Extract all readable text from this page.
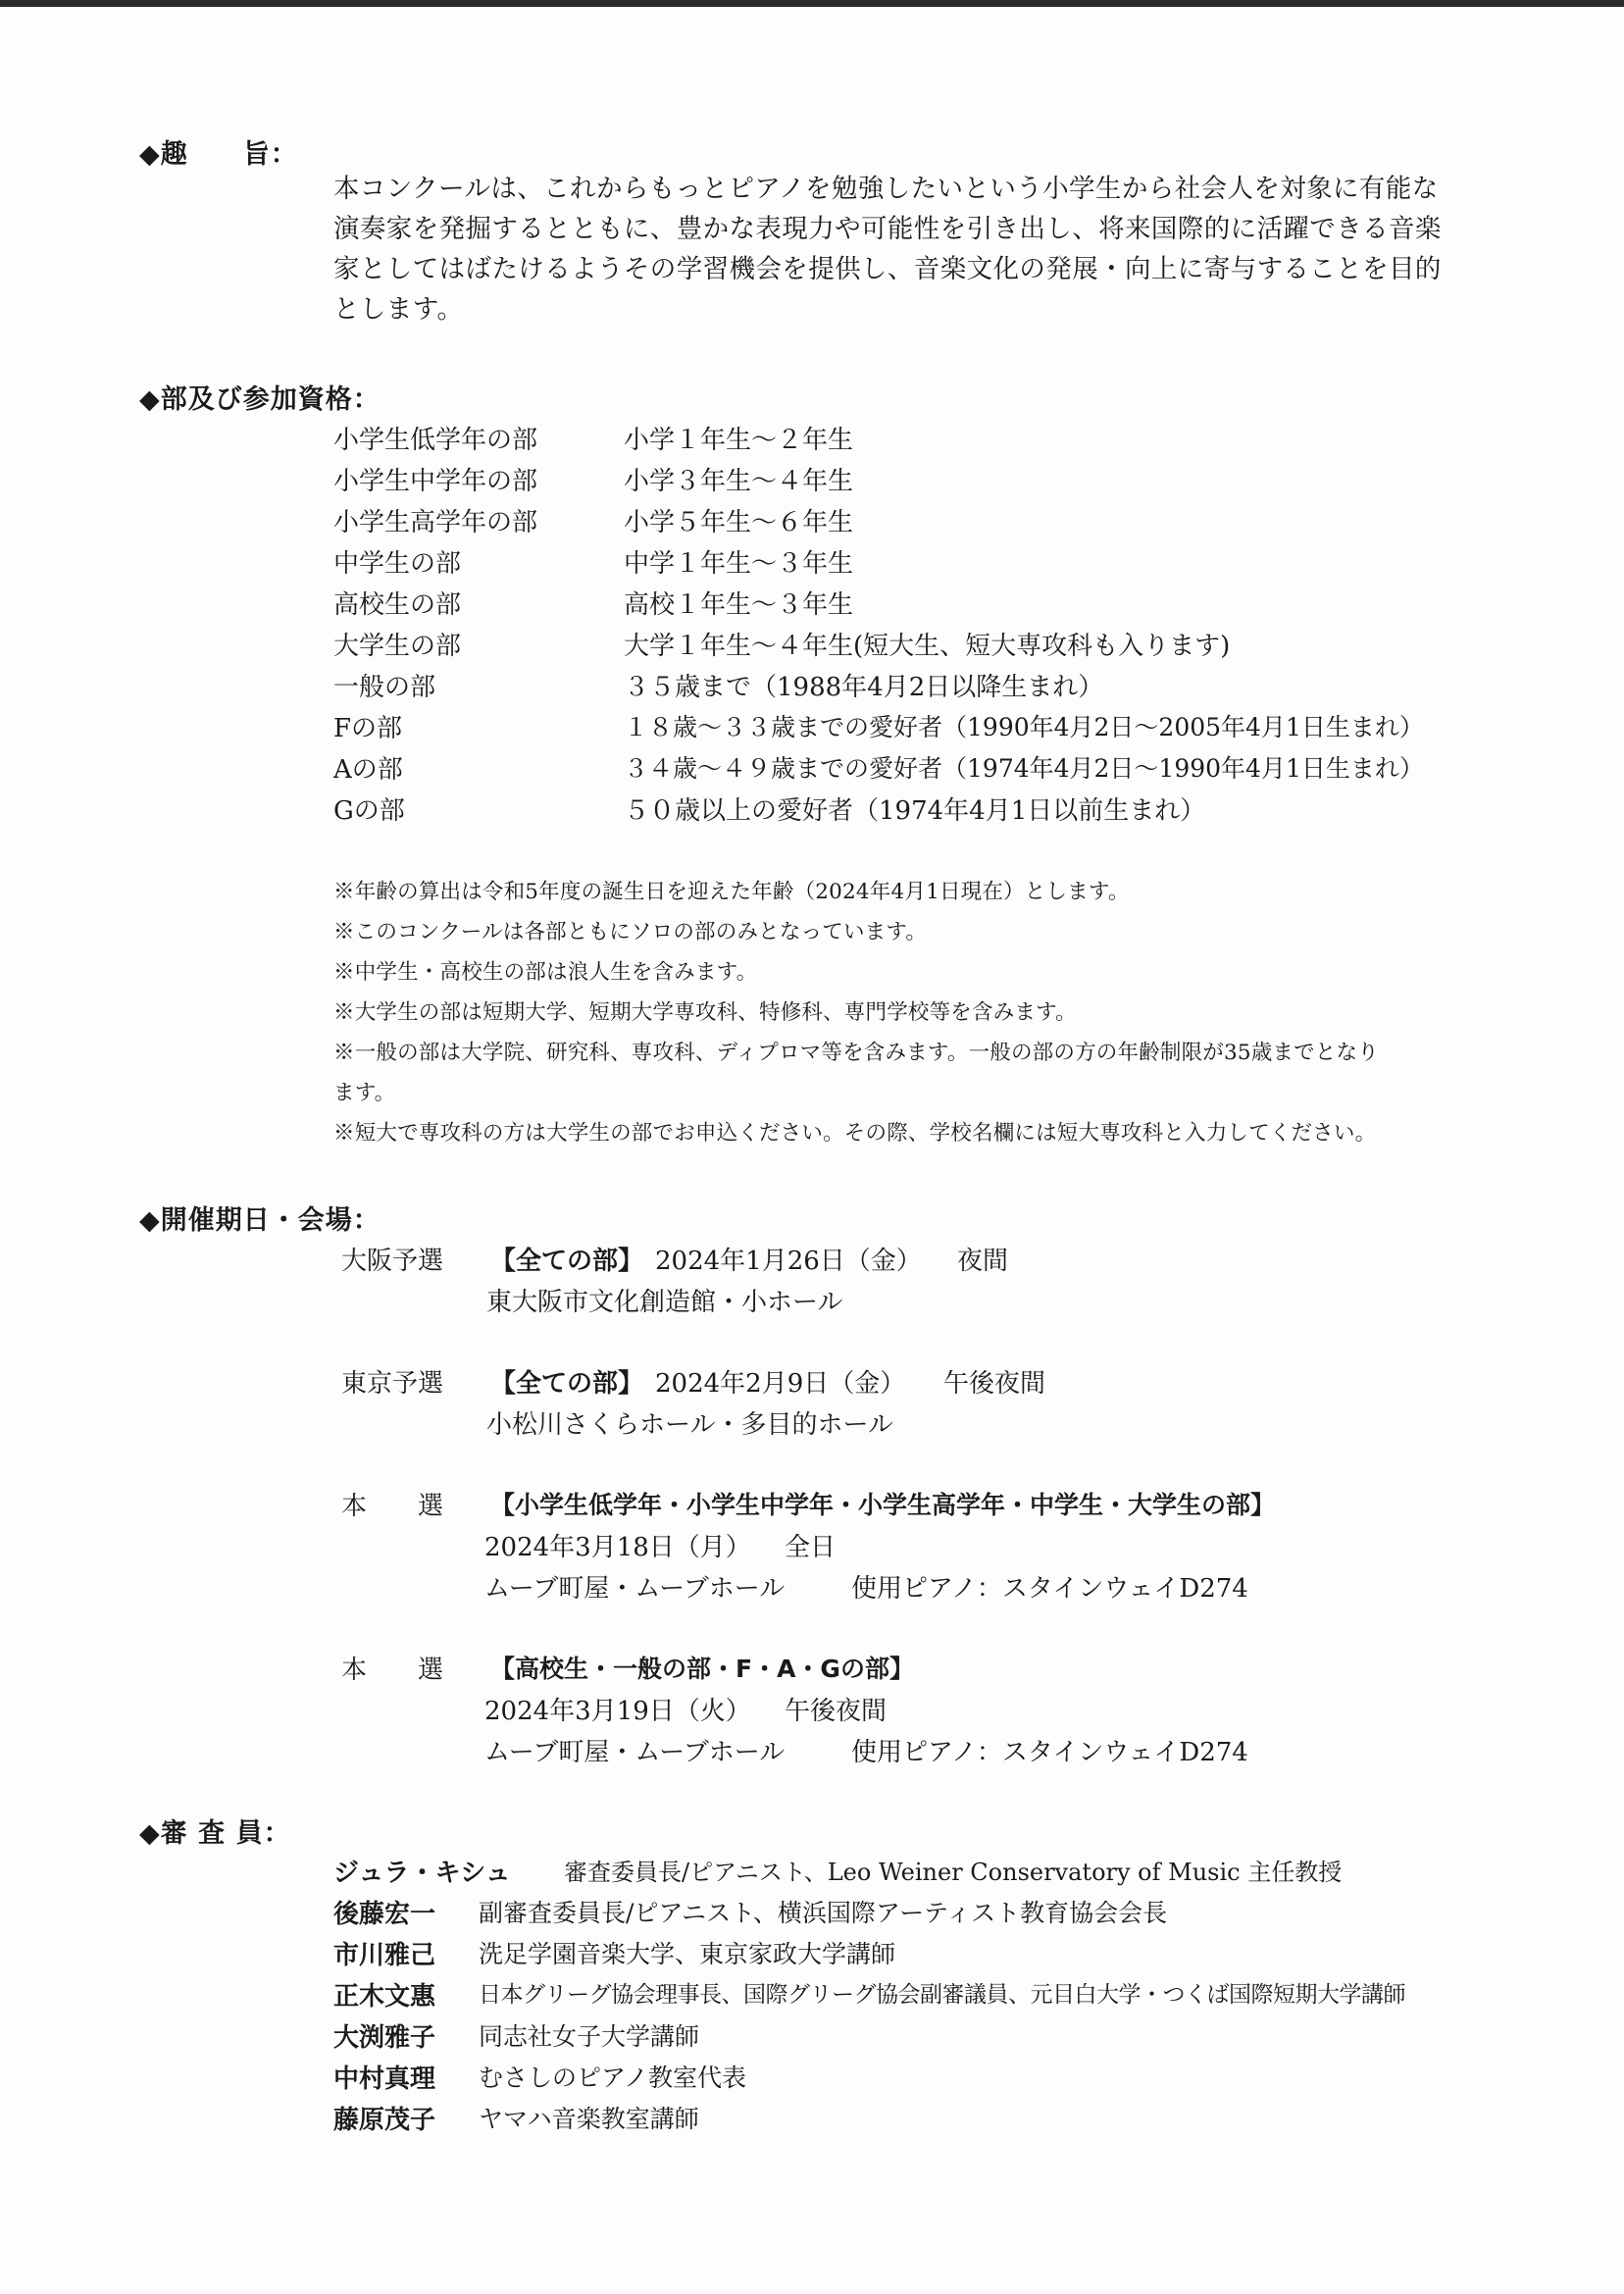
◆趣　　旨：
本コンクールは、これからもっとピアノを勉強したいという小学生から社会人を対象に有能な
演奏家を発掘するとともに、豊かな表現力や可能性を引き出し、将来国際的に活躍できる音楽
家としてはばたけるようその学習機会を提供し、音楽文化の発展・向上に寄与することを目的
とします。
◆部及び参加資格：
小学生低学年の部	小学１年生～２年生
小学生中学年の部	小学３年生～４年生
小学生高学年の部	小学５年生～６年生
中学生の部	中学１年生～３年生
高校生の部	高校１年生～３年生
大学生の部	大学１年生～４年生(短大生、短大専攻科も入ります)
一般の部	３５歳まで（1988年4月2日以降生まれ）
Fの部	１８歳～３３歳までの愛好者（1990年4月2日～2005年4月1日生まれ）
Aの部	３４歳～４９歳までの愛好者（1974年4月2日～1990年4月1日生まれ）
Gの部	５０歳以上の愛好者（1974年4月1日以前生まれ）
※年齢の算出は令和5年度の誕生日を迎えた年齢（2024年4月1日現在）とします。
※このコンクールは各部ともにソロの部のみとなっています。
※中学生・高校生の部は浪人生を含みます。
※大学生の部は短期大学、短期大学専攻科、特修科、専門学校等を含みます。
※一般の部は大学院、研究科、専攻科、ディプロマ等を含みます。一般の部の方の年齢制限が35歳までとなり
ます。
※短大で専攻科の方は大学生の部でお申込ください。その際、学校名欄には短大専攻科と入力してください。
◆開催期日・会場：
大阪予選 【全ての部】 2024年1月26日（金） 夜間
東大阪市文化創造館・小ホール
東京予選 【全ての部】 2024年2月9日（金） 午後夜間
小松川さくらホール・多目的ホール
本　　選 【小学生低学年・小学生中学年・小学生高学年・中学生・大学生の部】
2024年3月18日（月） 全日
ムーブ町屋・ムーブホール	使用ピアノ：スタインウェイD274
本　　選 【高校生・一般の部・F・A・Gの部】
2024年3月19日（火） 午後夜間
ムーブ町屋・ムーブホール	使用ピアノ：スタインウェイD274
◆審 査 員：
ジュラ・キシュ 審査委員長/ピアニスト、Leo Weiner Conservatory of Music 主任教授
後藤宏一 副審査委員長/ピアニスト、横浜国際アーティスト教育協会会長
市川雅己 洗足学園音楽大学、東京家政大学講師
正木文惠 日本グリーグ協会理事長、国際グリーグ協会副審議員、元目白大学・つくば国際短期大学講師
大渕雅子 同志社女子大学講師
中村真理 むさしのピアノ教室代表
藤原茂子 ヤマハ音楽教室講師
